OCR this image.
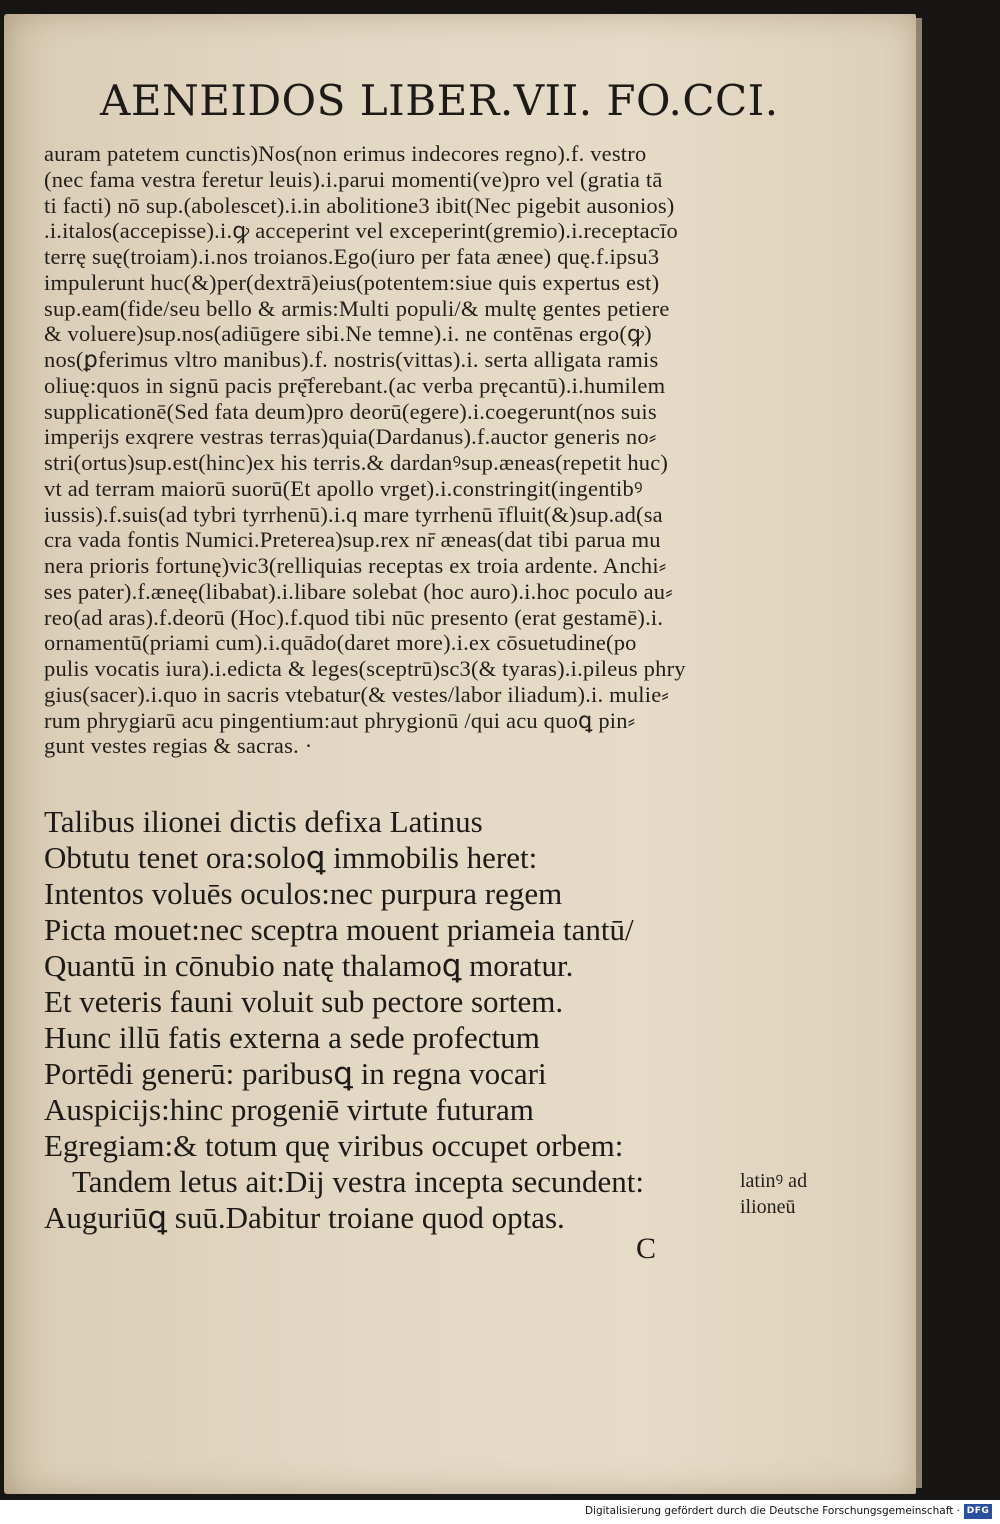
AENEIDOS LIBER.VII. FO.CCI.
auram patetem cunctis)Nos(non erimus indecores regno).f. vestro
(nec fama vestra feretur leuis).i.parui momenti(ve)pro vel (gratia tā
ti facti) nō sup.(abolescet).i.in abolitione3 ibit(Nec pigebit ausonios)
.i.italos(accepisse).i.ꝙ acceperint vel exceperint(gremio).i.receptacīo
terrę suę(troiam).i.nos troianos.Ego(iuro per fata ænee) quę.f.ipsu3
impulerunt huc(&)per(dextrā)eius(potentem:siue quis expertus est)
sup.eam(fide/seu bello & armis:Multi populi/& multę gentes petiere
& voluere)sup.nos(adiūgere sibi.Ne temne).i. ne contēnas ergo(ꝙ)
nos(ꝑferimus vltro manibus).f. nostris(vittas).i. serta alligata ramis
oliuę:quos in signū pacis prę̄ferebant.(ac verba pręcantū).i.humilem
supplicationē(Sed fata deum)pro deorū(egere).i.coegerunt(nos suis
imperijs exqrere vestras terras)quia(Dardanus).f.auctor generis no⸗
stri(ortus)sup.est(hinc)ex his terris.& dardanꝰsup.æneas(repetit huc)
vt ad terram maiorū suorū(Et apollo vrget).i.constringit(ingentibꝰ
iussis).f.suis(ad tybri tyrrhenū).i.q mare tyrrhenū īfluit(&)sup.ad(sa
cra vada fontis Numici.Preterea)sup.rex nr̄ æneas(dat tibi parua mu
nera prioris fortunę)vic3(relliquias receptas ex troia ardente. Anchi⸗
ses pater).f.æneę(libabat).i.libare solebat (hoc auro).i.hoc poculo au⸗
reo(ad aras).f.deorū (Hoc).f.quod tibi nūc presento (erat gestamē).i.
ornamentū(priami cum).i.quādo(daret more).i.ex cōsuetudine(po
pulis vocatis iura).i.edicta & leges(sceptrū)sc3(& tyaras).i.pileus phry
gius(sacer).i.quo in sacris vtebatur(& vestes/labor iliadum).i. mulie⸗
rum phrygiarū acu pingentium:aut phrygionū /qui acu quoꝗ pin⸗
gunt vestes regias & sacras. ·
Talibus ilionei dictis defixa Latinus
Obtutu tenet ora:soloꝗ immobilis heret:
Intentos voluēs oculos:nec purpura regem
Picta mouet:nec sceptra mouent priameia tantū/
Quantū in cōnubio natę thalamoꝗ moratur.
Et veteris fauni voluit sub pectore sortem.
Hunc illū fatis externa a sede profectum
Portēdi generū: paribusꝗ in regna vocari
Auspicijs:hinc progeniē virtute futuram
Egregiam:& totum quę viribus occupet orbem:
Tandem letus ait:Dij vestra incepta secundent:
Auguriūꝗ suū.Dabitur troiane quod optas.
latinꝰ ad
ilioneū
C
Digitalisierung gefördert durch die Deutsche Forschungsgemeinschaft · DFG
